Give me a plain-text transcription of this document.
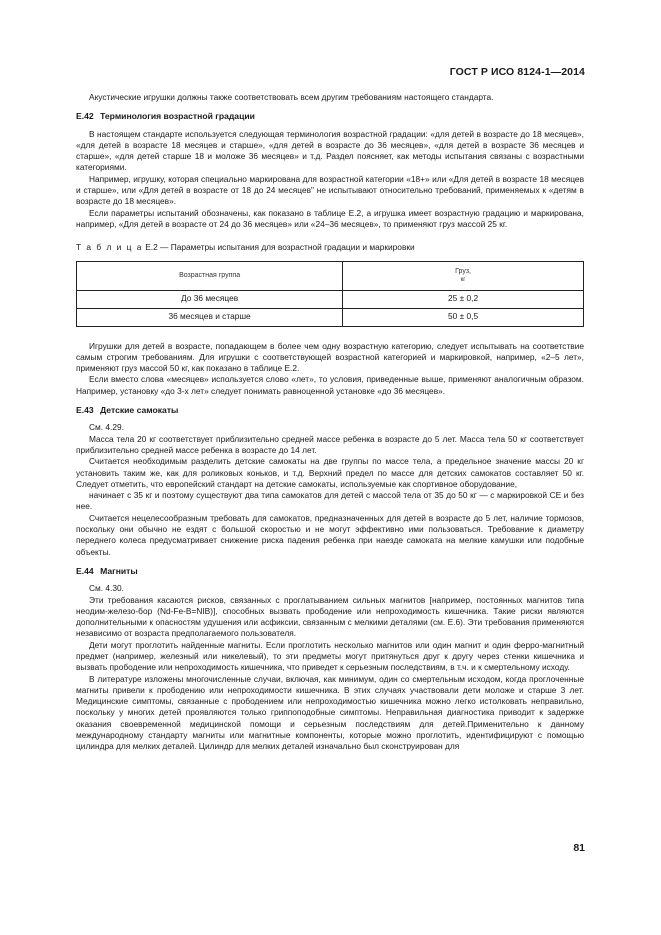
ГОСТ Р ИСО 8124-1—2014

Акустические игрушки должны также соответствовать всем другим требованиям настоящего стандарта.

Е.42 Терминология возрастной градации

В настоящем стандарте используется следующая терминология возрастной градации: «для детей в возрасте до 18 месяцев», «для детей в возрасте 18 месяцев и старше», «для детей в возрасте до 36 месяцев», «для детей в возрасте 36 месяцев и старше», «для детей старше 18 и моложе 36 месяцев» и т.д. Раздел поясняет, как методы испытания связаны с возрастными категориями.

Например, игрушку, которая специально маркирована для возрастной категории «18+» или «Для детей в возрасте 18 месяцев и старше», или «Для детей в возрасте от 18 до 24 месяцев" не испытывают относительно требований, применяемых к «детям в возрасте до 18 месяцев».

Если параметры испытаний обозначены, как показано в таблице Е.2, а игрушка имеет возрастную градацию и маркирована, например, «Для детей в возрасте от 24 до 36 месяцев» или «24–36 месяцев», то применяют груз массой 25 кг.

Т а б л и ц а Е.2 — Параметры испытания для возрастной градации и маркировки

Возрастная группа	Груз,
кг

До 36 месяцев	25 ± 0,2
36 месяцев и старше	50 ± 0,5

Игрушки для детей в возрасте, попадающем в более чем одну возрастную категорию, следует испытывать на соответствие самым строгим требованиям. Для игрушки с соответствующей возрастной категорией и маркировкой, например, «2–5 лет», применяют груз массой 50 кг, как показано в таблице Е.2.

Если вместо слова «месяцев» используется слово «лет», то условия, приведенные выше, применяют аналогичным образом. Например, установку «до 3-х лет» следует понимать равноценной установке «до 36 месяцев».

Е.43 Детские самокаты

См. 4.29.

Масса тела 20 кг соответствует приблизительно средней массе ребенка в возрасте до 5 лет. Масса тела 50 кг соответствует приблизительно средней массе ребенка в возрасте до 14 лет.

Считается необходимым разделить детские самокаты на две группы по массе тела, а предельное значение массы 20 кг установить таким же, как для роликовых коньков, и т.д. Верхний предел по массе для детских самокатов составляет 50 кг. Следует отметить, что европейский стандарт на детские самокаты, используемые как спортивное оборудование,

начинает с 35 кг и поэтому существуют два типа самокатов для детей с массой тела от 35 до 50 кг — с маркировкой СЕ и без нее.

Считается нецелесообразным требовать для самокатов, предназначенных для детей в возрасте до 5 лет, наличие тормозов, поскольку они обычно не ездят с большой скоростью и не могут эффективно ими пользоваться. Требование к диаметру переднего колеса предусматривает снижение риска падения ребенка при наезде самоката на мелкие камушки или подобные объекты.

Е.44 Магниты

См. 4.30.

Эти требования касаются рисков, связанных с проглатыванием сильных магнитов [например, постоянных магнитов типа неодим-железо-бор (Nd-Fe-B=NIB)], способных вызвать прободение или непроходимость кишечника. Такие риски являются дополнительными к опасностям удушения или асфиксии, связанным с мелкими деталями (см. Е.6). Эти требования применяются независимо от возраста предполагаемого пользователя.

Дети могут проглотить найденные магниты. Если проглотить несколько магнитов или один магнит и один ферро-магнитный предмет (например, железный или никелевый), то эти предметы могут притянуться друг к другу через стенки кишечника и вызвать прободение или непроходимость кишечника, что приведет к серьезным последствиям, в т.ч. и к смертельному исходу.

В литературе изложены многочисленные случаи, включая, как минимум, один со смертельным исходом, когда проглоченные магниты привели к прободению или непроходимости кишечника. В этих случаях участвовали дети моложе и старше 3 лет. Медицинские симптомы, связанные с прободением или непроходимостью кишечника можно легко истолковать неправильно, поскольку у многих детей проявляются только гриппоподобные симптомы. Неправильная диагностика приводит к задержке оказания своевременной медицинской помощи и серьезным последствиям для детей.Применительно к данному международному стандарту магниты или магнитные компоненты, которые можно проглотить, идентифицируют с помощью цилиндра для мелких деталей. Цилиндр для мелких деталей изначально был сконструирован для

81
